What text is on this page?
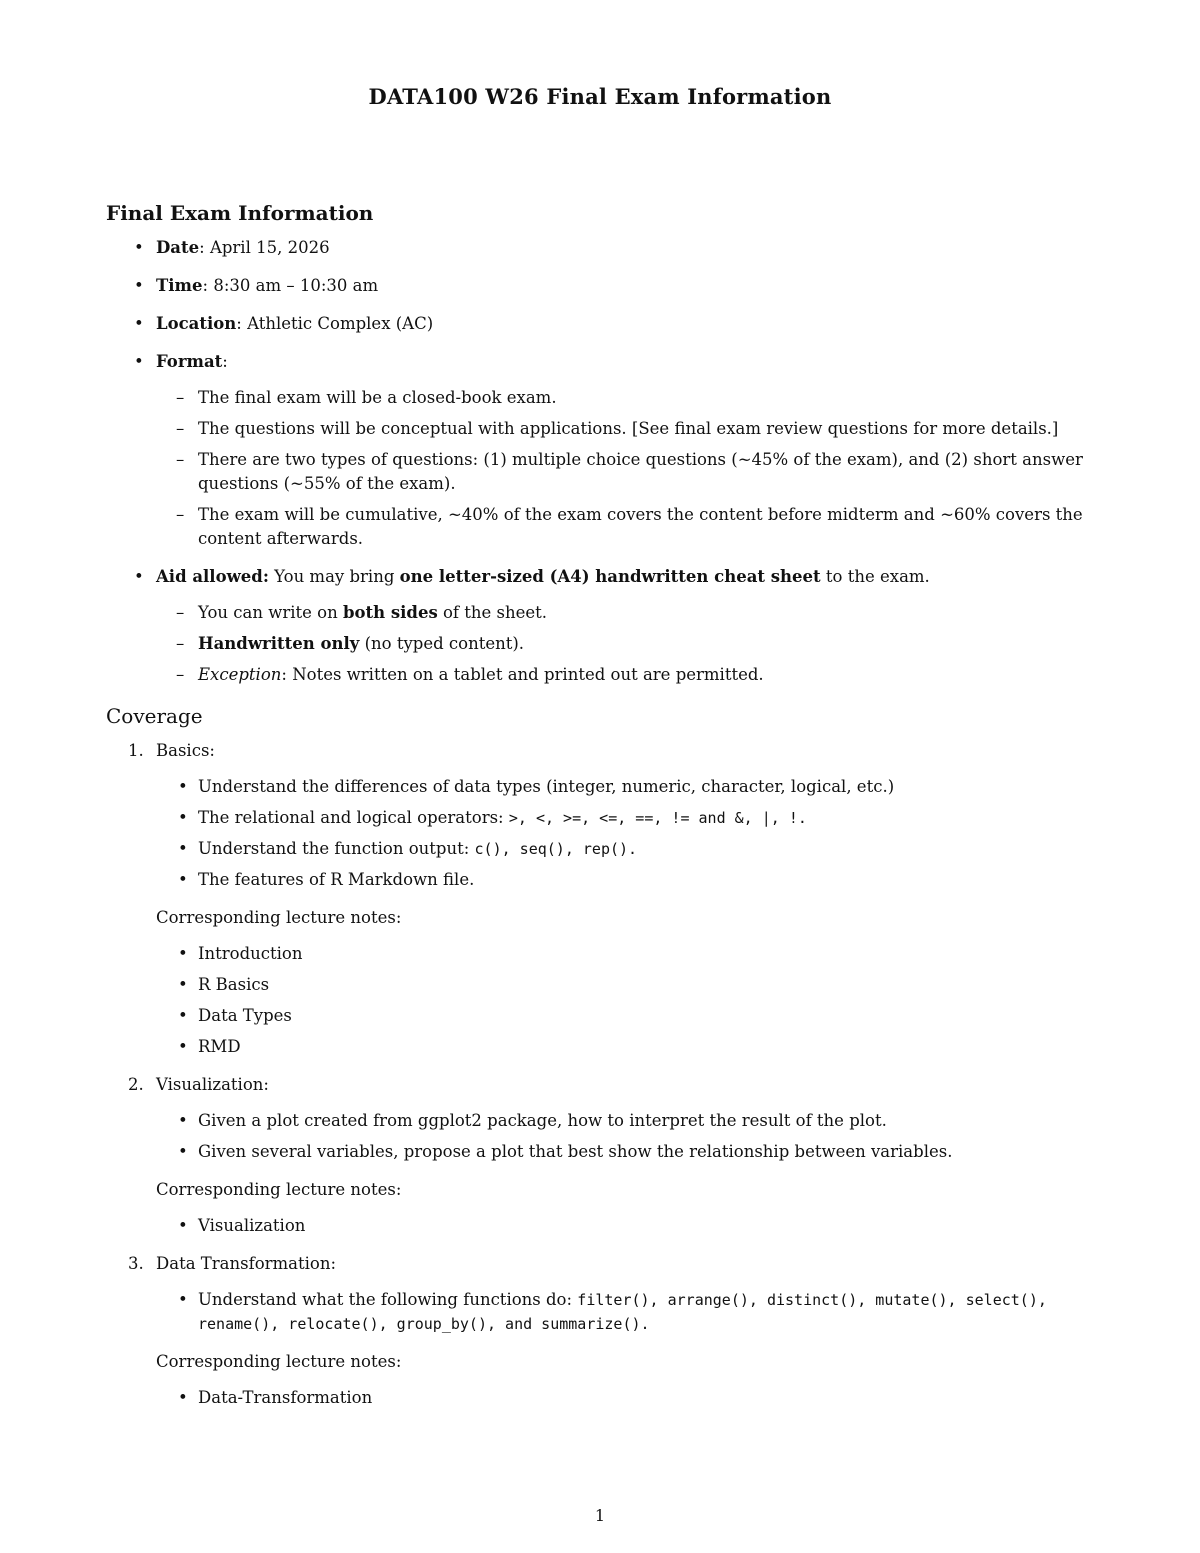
DATA100 W26 Final Exam Information
Final Exam Information
• Date: April 15, 2026
• Time: 8:30 am – 10:30 am
• Location: Athletic Complex (AC)
• Format:
– The final exam will be a closed-book exam.
– The questions will be conceptual with applications. [See final exam review questions for more details.]
– There are two types of questions: (1) multiple choice questions (~45% of the exam), and (2) short answer questions (~55% of the exam).
– The exam will be cumulative, ~40% of the exam covers the content before midterm and ~60% covers the content afterwards.
• Aid allowed: You may bring one letter-sized (A4) handwritten cheat sheet to the exam.
– You can write on both sides of the sheet.
– Handwritten only (no typed content).
– Exception: Notes written on a tablet and printed out are permitted.
Coverage
1. Basics:
• Understand the differences of data types (integer, numeric, character, logical, etc.)
• The relational and logical operators: >, <, >=, <=, ==, != and &, |, !.
• Understand the function output: c(), seq(), rep().
• The features of R Markdown file.
Corresponding lecture notes:
• Introduction
• R Basics
• Data Types
• RMD
2. Visualization:
• Given a plot created from ggplot2 package, how to interpret the result of the plot.
• Given several variables, propose a plot that best show the relationship between variables.
Corresponding lecture notes:
• Visualization
3. Data Transformation:
• Understand what the following functions do: filter(), arrange(), distinct(), mutate(), select(), rename(), relocate(), group_by(), and summarize().
Corresponding lecture notes:
• Data-Transformation
1
